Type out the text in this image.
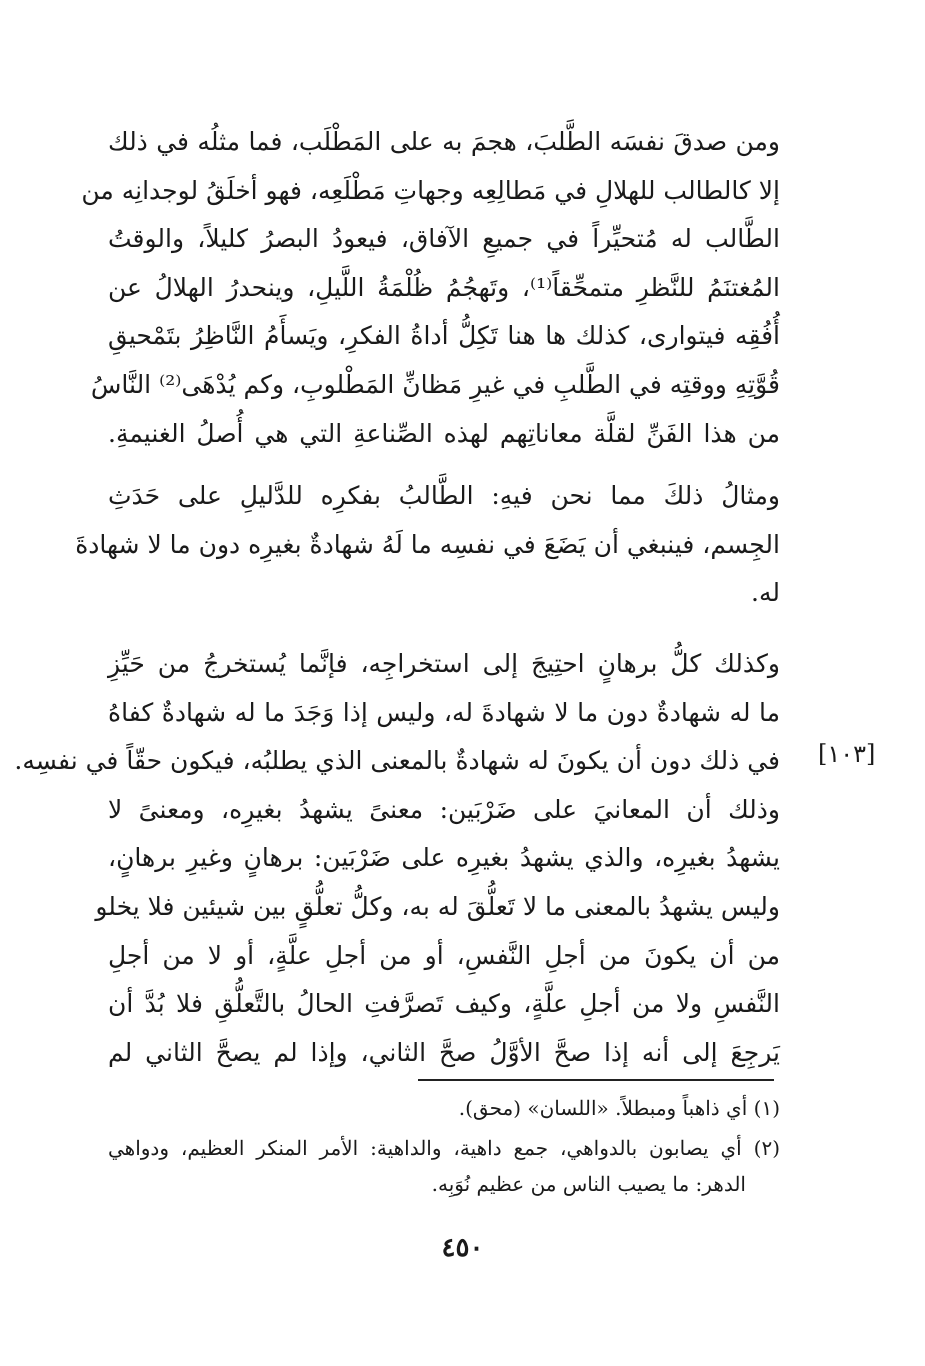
ومن صدقَ نفسَه الطَّلبَ، هجمَ به على المَطْلَب، فما مثلُه في ذلك
إلا كالطالب للهلالِ في مَطالِعِه وجهاتِ مَطْلَعِه، فهو أخلَقُ لوجدانِه من
الطَّالب له مُتحيِّراً في جميعِ الآفاق، فيعودُ البصرُ كليلاً، والوقتُ
المُغتنَمُ للنَّظرِ متمحِّقاً⁽¹⁾، وتَهجُمُ ظُلْمَةُ اللَّيلِ، وينحدرُ الهلالُ عن
أُفُقِه فيتوارى، كذلك ها هنا تَكِلُّ أداةُ الفكرِ، ويَسأَمُ النَّاظِرُ بتَمْحيقِ
قُوَّتِهِ ووقتِه في الطَّلبِ في غيرِ مَظانِّ المَطْلوبِ، وكم يُدْهَى⁽²⁾ النَّاسُ
من هذا الفَنِّ لقلَّة معاناتِهم لهذه الصِّناعةِ التي هي أُصلُ الغنيمةِ.
ومثالُ ذلكَ مما نحن فيهِ: الطَّالبُ بفكرِه للدَّليلِ على حَدَثِ
الجِسم، فينبغي أن يَضَعَ في نفسِه ما لَهُ شهادةٌ بغيرِه دون ما لا شهادةَ
له.
وكذلك كلُّ برهانٍ احتِيجَ إلى استخراجِه، فإنَّما يُستخرجُ من حَيِّزِ
ما له شهادةٌ دون ما لا شهادةَ له، وليس إذا وَجَدَ ما له شهادةٌ كفاهُ
في ذلك دون أن يكونَ له شهادةٌ بالمعنى الذي يطلبُه، فيكون حقّاً في نفسِه.
وذلك أن المعانيَ على ضَرْبَين: معنىً يشهدُ بغيرِه، ومعنىً لا
يشهدُ بغيرِه، والذي يشهدُ بغيرِه على ضَرْبَين: برهانٍ وغيرِ برهانٍ،
وليس يشهدُ بالمعنى ما لا تَعلُّقَ له به، وكلُّ تعلُّقٍ بين شيئين فلا يخلو
من أن يكونَ من أجلِ النَّفسِ، أو من أجلِ علَّةٍ، أو لا من أجلِ
النَّفسِ ولا من أجلِ علَّةٍ، وكيف تَصرَّفتِ الحالُ بالتَّعلُّقِ فلا بُدَّ أن
يَرجِعَ إلى أنه إذا صحَّ الأوَّلُ صحَّ الثاني، وإذا لم يصحَّ الثاني لم
[١٠٣]
(١) أي ذاهباً ومبطلاً. «اللسان» (محق).
(٢) أي يصابون بالدواهي، جمع داهية، والداهية: الأمر المنكر العظيم، ودواهي
الدهر: ما يصيب الناس من عظيم نُوَبِه.
٤٥٠
